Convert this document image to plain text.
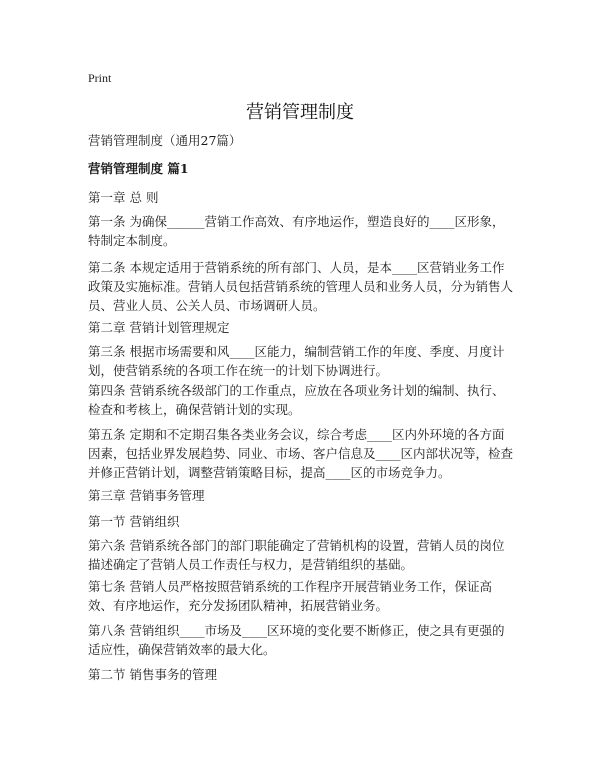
Print
营销管理制度
营销管理制度（通用27篇）
营销管理制度 篇1
第一章 总 则

第一条 为确保______营销工作高效、有序地运作，塑造良好的____区形象，特制定本制度。

第二条 本规定适用于营销系统的所有部门、人员，是本____区营销业务工作政策及实施标准。营销人员包括营销系统的管理人员和业务人员，分为销售人员、营业人员、公关人员、市场调研人员。

第二章 营销计划管理规定

第三条 根据市场需要和风____区能力，编制营销工作的年度、季度、月度计划，使营销系统的各项工作在统一的计划下协调进行。

第四条 营销系统各级部门的工作重点，应放在各项业务计划的编制、执行、检查和考核上，确保营销计划的实现。

第五条 定期和不定期召集各类业务会议，综合考虑____区内外环境的各方面因素，包括业界发展趋势、同业、市场、客户信息及____区内部状况等，检查并修正营销计划，调整营销策略目标，提高____区的市场竞争力。

第三章 营销事务管理
第一节 营销组织

第六条 营销系统各部门的部门职能确定了营销机构的设置，营销人员的岗位描述确定了营销人员工作责任与权力，是营销组织的基础。

第七条 营销人员严格按照营销系统的工作程序开展营销业务工作，保证高效、有序地运作，充分发扬团队精神，拓展营销业务。

第八条 营销组织____市场及____区环境的变化要不断修正，使之具有更强的适应性，确保营销效率的最大化。

第二节 销售事务的管理
